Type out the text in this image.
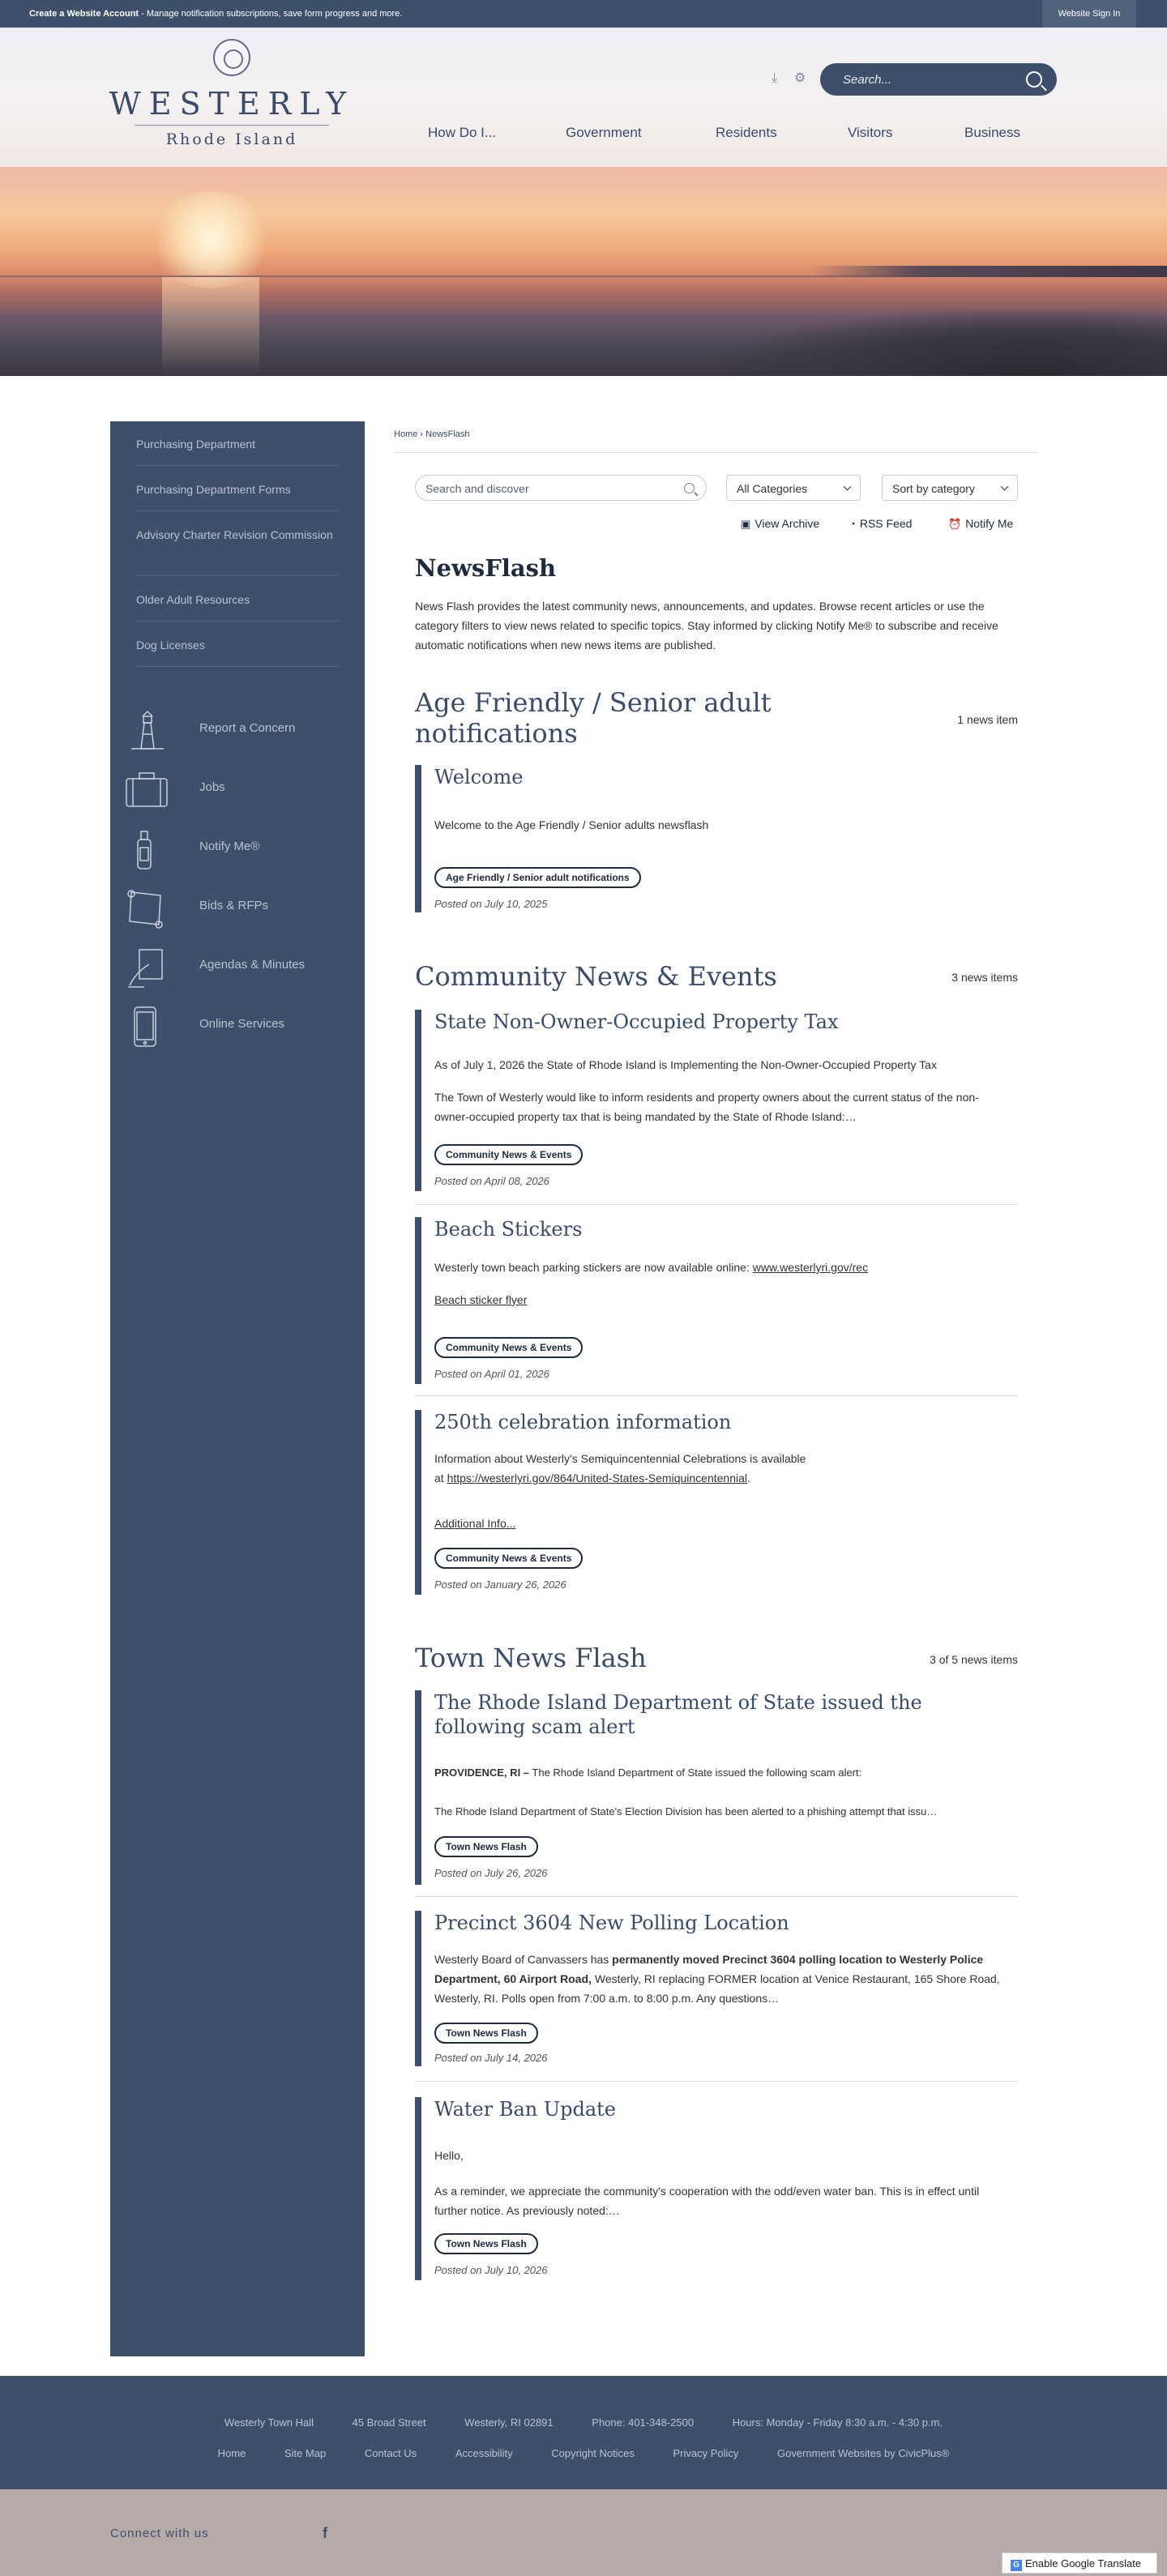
Create a Website Account - Manage notification subscriptions, save form progress and more.	Website Sign In
WESTERLY
Rhode Island
⤓ ⚙	Search...
How Do I...	Government	Residents	Visitors	Business
Purchasing Department
Purchasing Department Forms
Advisory Charter Revision Commission
Older Adult Resources
Dog Licenses
Report a Concern
Jobs
Notify Me®
Bids & RFPs
Agendas & Minutes
Online Services
Home › NewsFlash
Search and discover	All Categories	Sort by category
▣ View Archive	◔ RSS Feed	⏰ Notify Me
NewsFlash

News Flash provides the latest community news, announcements, and updates. Browse recent articles or use the category filters to view news related to specific topics. Stay informed by clicking Notify Me® to subscribe and receive automatic notifications when new news items are published.

Age Friendly / Senior adult notifications	1 news item
Welcome
Welcome to the Age Friendly / Senior adults newsflash
Age Friendly / Senior adult notifications
Posted on July 10, 2025
Community News & Events	3 news items
State Non-Owner-Occupied Property Tax
As of July 1, 2026 the State of Rhode Island is Implementing the Non-Owner-Occupied Property Tax
The Town of Westerly would like to inform residents and property owners about the current status of the non-owner-occupied property tax that is being mandated by the State of Rhode Island:…
Community News & Events
Posted on April 08, 2026
Beach Stickers
Westerly town beach parking stickers are now available online: www.westerlyri.gov/rec
Beach sticker flyer
Community News & Events
Posted on April 01, 2026
250th celebration information
Information about Westerly's Semiquincentennial Celebrations is available
at https://westerlyri.gov/864/United-States-Semiquincentennial.
Additional Info...
Community News & Events
Posted on January 26, 2026
Town News Flash	3 of 5 news items
The Rhode Island Department of State issued the following scam alert
PROVIDENCE, RI – The Rhode Island Department of State issued the following scam alert:
The Rhode Island Department of State's Election Division has been alerted to a phishing attempt that issu…
Town News Flash
Posted on July 26, 2026
Precinct 3604 New Polling Location
Westerly Board of Canvassers has permanently moved Precinct 3604 polling location to Westerly Police Department, 60 Airport Road, Westerly, RI replacing FORMER location at Venice Restaurant, 165 Shore Road, Westerly, RI. Polls open from 7:00 a.m. to 8:00 p.m. Any questions…
Town News Flash
Posted on July 14, 2026
Water Ban Update
Hello,
As a reminder, we appreciate the community's cooperation with the odd/even water ban. This is in effect until further notice. As previously noted:…
Town News Flash
Posted on July 10, 2026
Westerly Town Hall	45 Broad Street	Westerly, RI 02891	Phone: 401-348-2500	Hours: Monday - Friday 8:30 a.m. - 4:30 p.m.
Home	Site Map	Contact Us	Accessibility	Copyright Notices	Privacy Policy	Government Websites by CivicPlus®
Connect with us	f
G Enable Google Translate
